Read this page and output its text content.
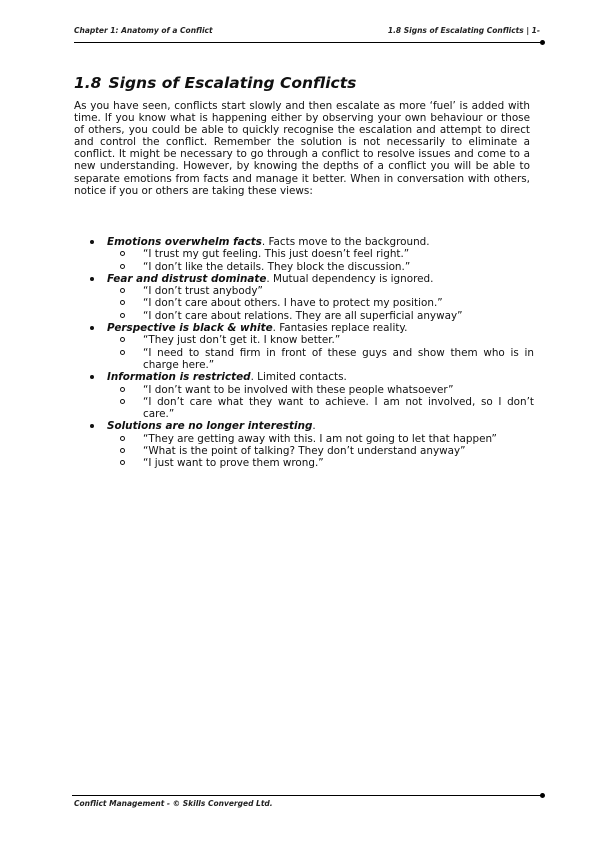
Chapter 1: Anatomy of a Conflict	1.8 Signs of Escalating Conflicts | 1-
1.8 Signs of Escalating Conflicts

As you have seen, conflicts start slowly and then escalate as more ‘fuel’ is added with time. If you know what is happening either by observing your own behaviour or those of others, you could be able to quickly recognise the escalation and attempt to direct and control the conflict. Remember the solution is not necessarily to eliminate a conflict. It might be necessary to go through a conflict to resolve issues and come to a new understanding. However, by knowing the depths of a conflict you will be able to separate emotions from facts and manage it better. When in conversation with others, notice if you or others are taking these views:

Emotions overwhelm facts. Facts move to the background.
“I trust my gut feeling. This just doesn’t feel right.”
“I don’t like the details. They block the discussion.”
Fear and distrust dominate. Mutual dependency is ignored.
“I don’t trust anybody”
“I don’t care about others. I have to protect my position.”
“I don’t care about relations. They are all superficial anyway”
Perspective is black & white. Fantasies replace reality.
“They just don’t get it. I know better.”
“I need to stand firm in front of these guys and show them who is in charge here.”
Information is restricted. Limited contacts.
“I don’t want to be involved with these people whatsoever”
“I don’t care what they want to achieve. I am not involved, so I don’t care.”
Solutions are no longer interesting.
“They are getting away with this. I am not going to let that happen”
“What is the point of talking? They don’t understand anyway”
“I just want to prove them wrong.”
Conflict Management - © Skills Converged Ltd.
